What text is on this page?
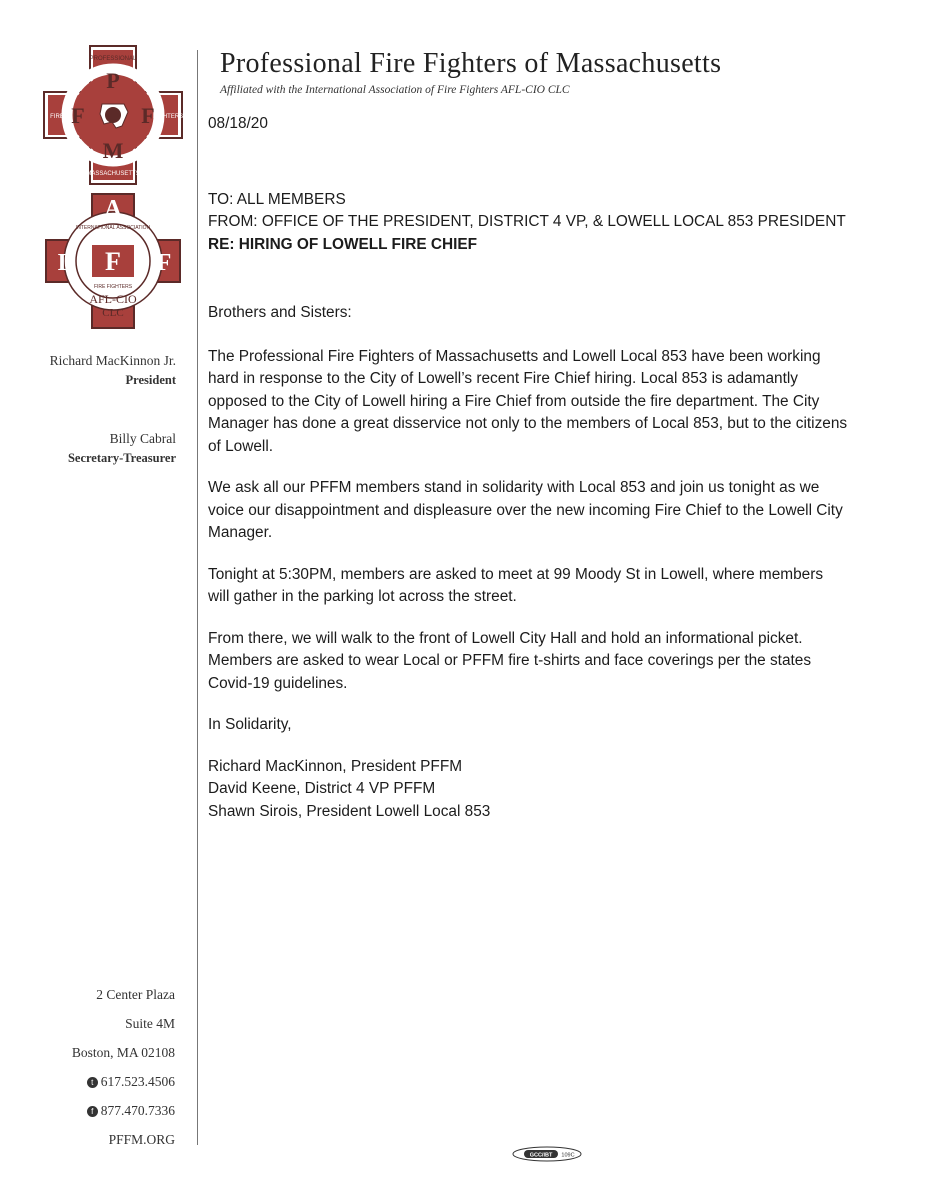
P
F	F
M
PROFESSIONAL
FIRE	FIGHTERS
MASSACHUSETTS
A
I F F
INTERNATIONAL ASSOCIATION
FIRE FIGHTERS
AFL-CIO
CLC
Professional Fire Fighters of Massachusetts
Affiliated with the International Association of Fire Fighters AFL-CIO CLC
Richard MacKinnon Jr.
President
Billy Cabral
Secretary-Treasurer
2 Center Plaza
Suite 4M
Boston, MA 02108
t 617.523.4506
f 877.470.7336
PFFM.ORG

08/18/20

TO: ALL MEMBERS

FROM: OFFICE OF THE PRESIDENT, DISTRICT 4 VP, & LOWELL LOCAL 853 PRESIDENT

RE: HIRING OF LOWELL FIRE CHIEF

Brothers and Sisters:

The Professional Fire Fighters of Massachusetts and Lowell Local 853 have been working hard in response to the City of Lowell’s recent Fire Chief hiring. Local 853 is adamantly opposed to the City of Lowell hiring a Fire Chief from outside the fire department. The City Manager has done a great disservice not only to the members of Local 853, but to the citizens of Lowell.

We ask all our PFFM members stand in solidarity with Local 853 and join us tonight as we voice our disappointment and displeasure over the new incoming Fire Chief to the Lowell City Manager.

Tonight at 5:30PM, members are asked to meet at 99 Moody St in Lowell, where members will gather in the parking lot across the street.

From there, we will walk to the front of Lowell City Hall and hold an informational picket. Members are asked to wear Local or PFFM fire t-shirts and face coverings per the states Covid-19 guidelines.

In Solidarity,

Richard MacKinnon, President PFFM

David Keene, District 4 VP PFFM

Shawn Sirois, President Lowell Local 853

GCC/IBT 109C
